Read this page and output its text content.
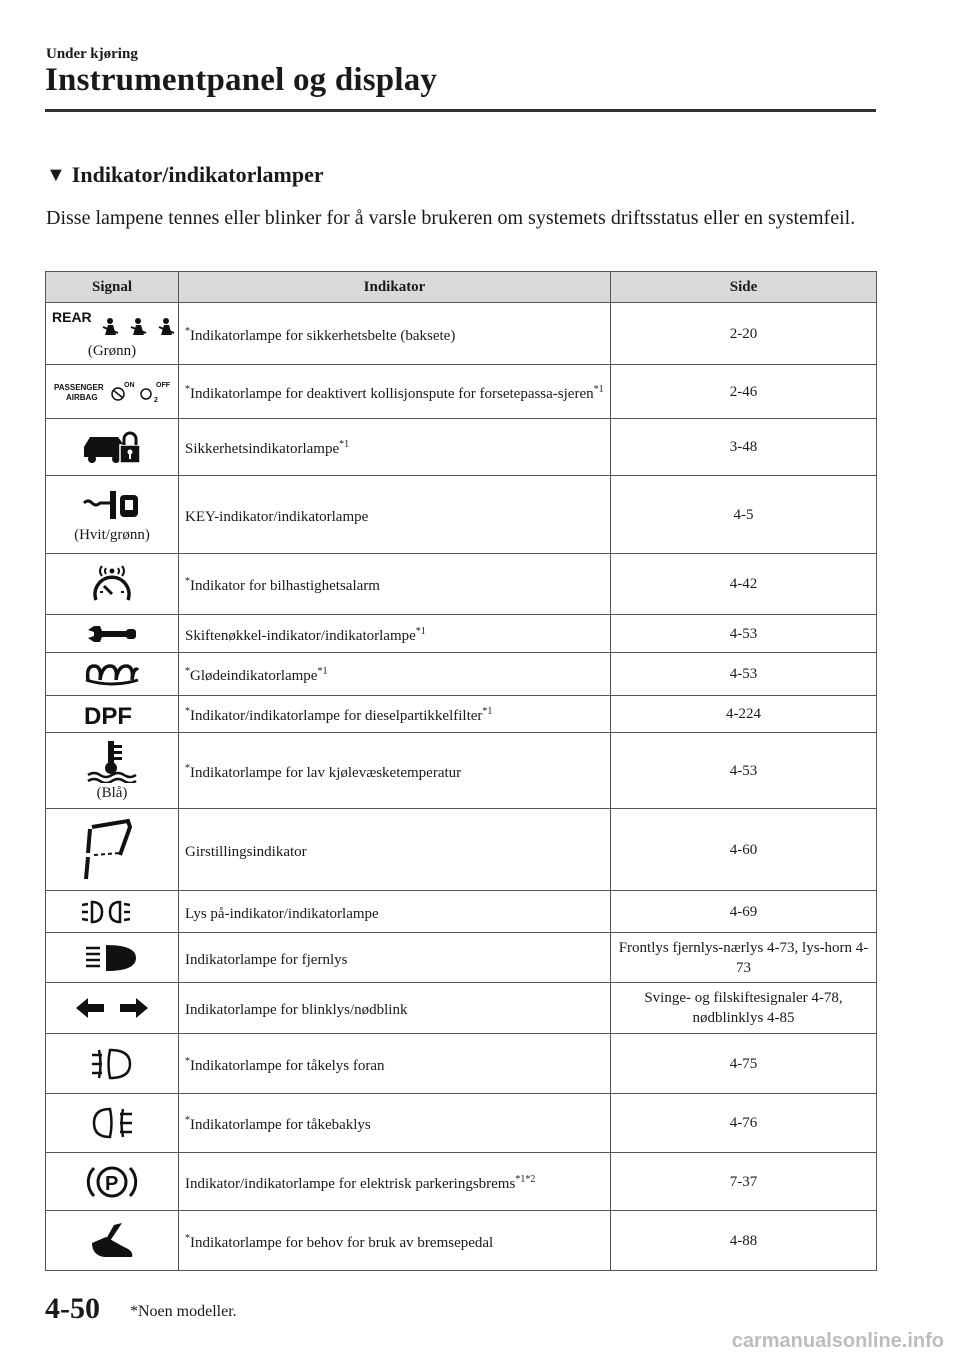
Under kjøring
Instrumentpanel og display
▼ Indikator/indikatorlamper
Disse lampene tennes eller blinker for å varsle brukeren om systemets driftsstatus eller en systemfeil.
Signal	Indikator	Side

REAR
(Grønn)	*Indikatorlampe for sikkerhetsbelte (baksete)	2-20

PASSENGER
AIRBAG
ON OFF
2	*Indikatorlampe for deaktivert kollisjonspute for forsetepassa-sjeren$^{*1}$	2-46
	Sikkerhetsindikatorlampe$^{*1}$	3-48

(Hvit/grønn)	KEY-indikator/indikatorlampe	4-5
	*Indikator for bilhastighetsalarm	4-42
	Skiftenøkkel-indikator/indikatorlampe$^{*1}$	4-53
	*Glødeindikatorlampe$^{*1}$	4-53

DPF	*Indikator/indikatorlampe for dieselpartikkelfilter$^{*1}$	4-224

(Blå)	*Indikatorlampe for lav kjølevæsketemperatur	4-53
	Girstillingsindikator	4-60
	Lys på-indikator/indikatorlampe	4-69
	Indikatorlampe for fjernlys	Frontlys fjernlys-nærlys 4-73, lys-horn 4-73
	Indikatorlampe for blinklys/nødblink	Svinge- og filskiftesignaler 4-78, nødblinklys 4-85
	*Indikatorlampe for tåkelys foran	4-75
	*Indikatorlampe for tåkebaklys	4-76

P	Indikator/indikatorlampe for elektrisk parkeringsbrems$^{*1*2}$	7-37
	*Indikatorlampe for behov for bruk av bremsepedal	4-88
4-50 *Noen modeller.
carmanualsonline.info
